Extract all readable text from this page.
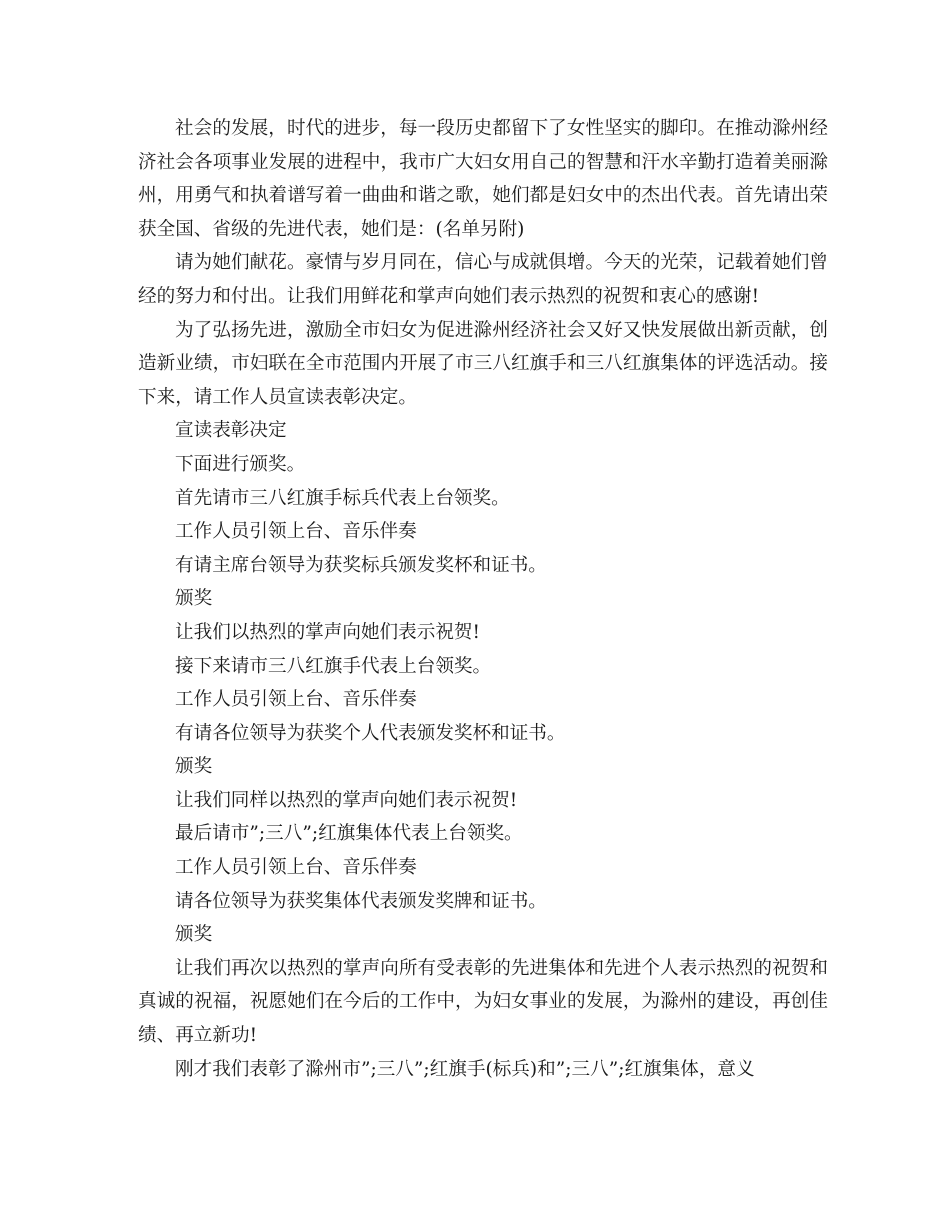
社会的发展，时代的进步，每一段历史都留下了女性坚实的脚印。在推动滁州经济社会各项事业发展的进程中，我市广大妇女用自己的智慧和汗水辛勤打造着美丽滁州，用勇气和执着谱写着一曲曲和谐之歌，她们都是妇女中的杰出代表。首先请出荣获全国、省级的先进代表，她们是：(名单另附)

请为她们献花。豪情与岁月同在，信心与成就俱增。今天的光荣，记载着她们曾经的努力和付出。让我们用鲜花和掌声向她们表示热烈的祝贺和衷心的感谢!

为了弘扬先进，激励全市妇女为促进滁州经济社会又好又快发展做出新贡献，创造新业绩，市妇联在全市范围内开展了市三八红旗手和三八红旗集体的评选活动。接下来，请工作人员宣读表彰决定。

宣读表彰决定

下面进行颁奖。

首先请市三八红旗手标兵代表上台领奖。

工作人员引领上台、音乐伴奏

有请主席台领导为获奖标兵颁发奖杯和证书。

颁奖

让我们以热烈的掌声向她们表示祝贺!

接下来请市三八红旗手代表上台领奖。

工作人员引领上台、音乐伴奏

有请各位领导为获奖个人代表颁发奖杯和证书。

颁奖

让我们同样以热烈的掌声向她们表示祝贺!

最后请市”;三八”;红旗集体代表上台领奖。

工作人员引领上台、音乐伴奏

请各位领导为获奖集体代表颁发奖牌和证书。

颁奖

让我们再次以热烈的掌声向所有受表彰的先进集体和先进个人表示热烈的祝贺和真诚的祝福，祝愿她们在今后的工作中，为妇女事业的发展，为滁州的建设，再创佳绩、再立新功!

刚才我们表彰了滁州市”;三八”;红旗手(标兵)和”;三八”;红旗集体，意义
